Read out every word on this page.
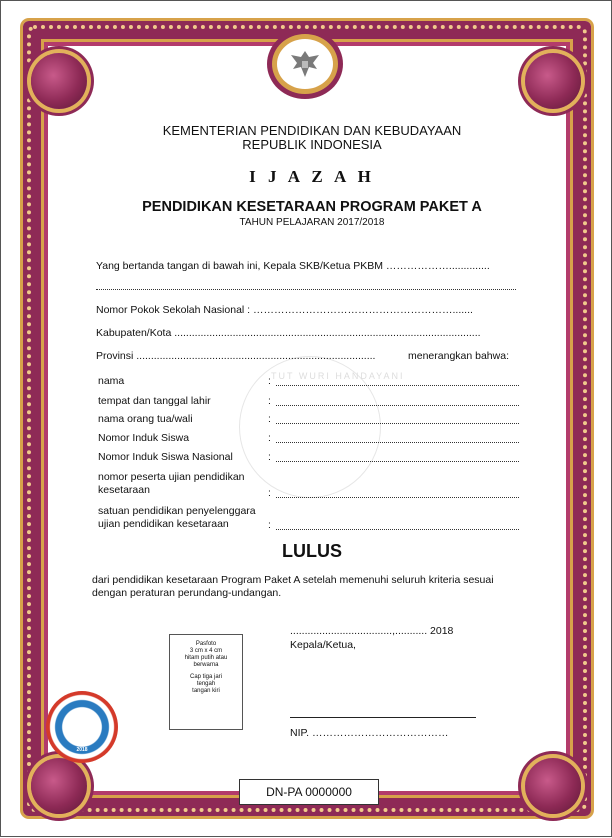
TUT WURI HANDAYANI
KEMENTERIAN PENDIDIKAN DAN KEBUDAYAAN
REPUBLIK INDONESIA
I J A Z A H
PENDIDIKAN KESETARAAN PROGRAM PAKET A
TAHUN PELAJARAN 2017/2018
Yang bertanda tangan di bawah ini, Kepala SKB/Ketua PKBM ………………..............
Nomor Pokok Sekolah Nasional : ………………………………………………….......
Kabupaten/Kota .........................................................................................................
Provinsi ..................................................................................	menerangkan bahwa:
nama	:
tempat dan tanggal lahir	:
nama orang tua/wali	:
Nomor Induk Siswa	:
Nomor Induk Siswa Nasional	:
nomor peserta ujian pendidikan
kesetaraan	:
satuan pendidikan penyelenggara
ujian pendidikan kesetaraan	:
LULUS
dari pendidikan kesetaraan Program Paket A setelah memenuhi seluruh kriteria sesuai
dengan peraturan perundang-undangan.
...................................,........... 2018
Kepala/Ketua,
NIP. …………………………………
Pasfoto
3 cm x 4 cm
hitam putih atau
berwarna
Cap tiga jari
tengah
tangan kiri
2018
DN-PA 0000000
